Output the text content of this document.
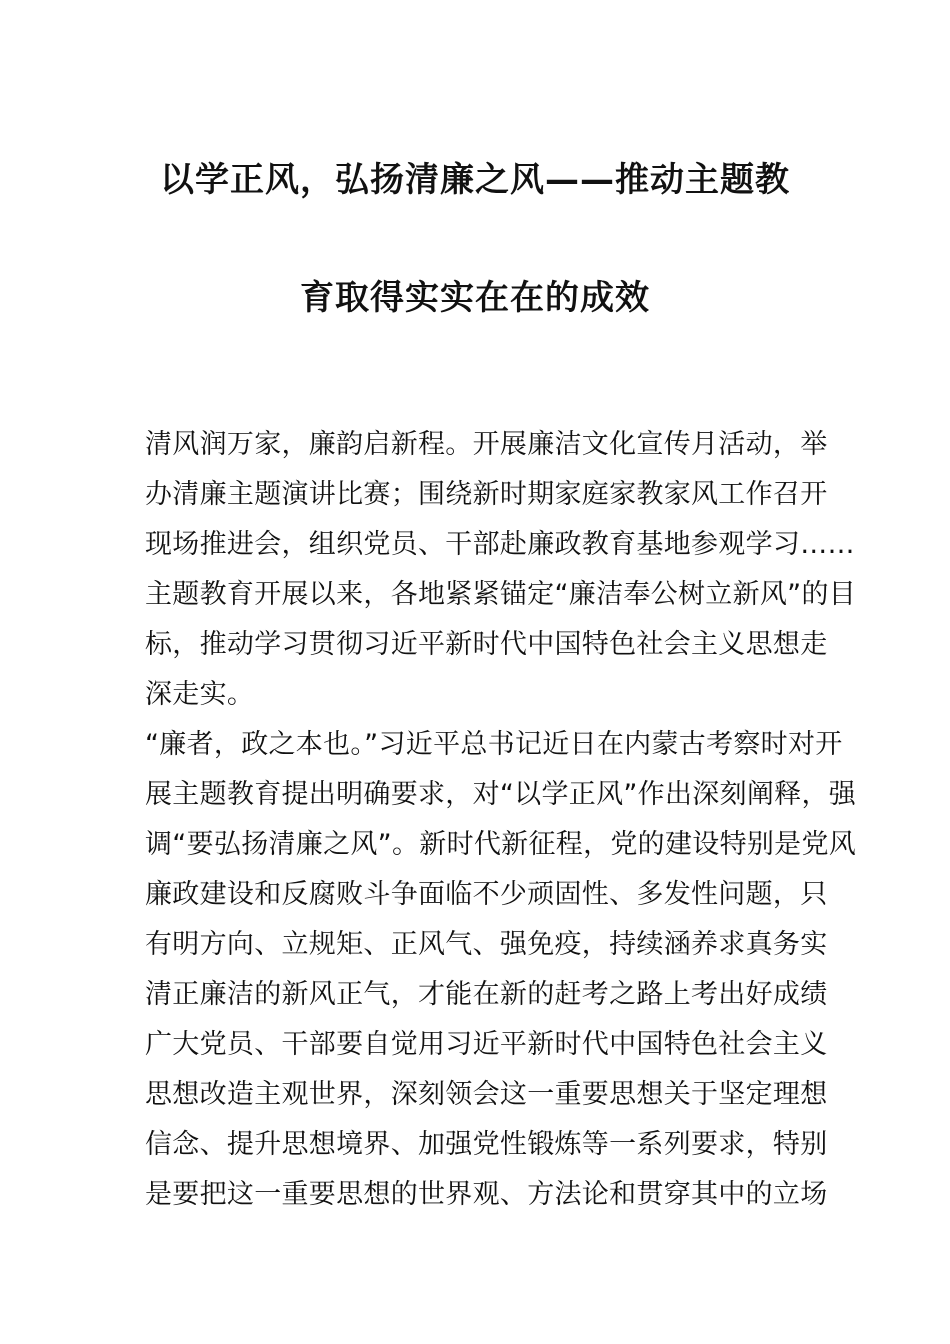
以学正风，弘扬清廉之风——推动主题教
育取得实实在在的成效
清风润万家，廉韵启新程。开展廉洁文化宣传月活动，举
办清廉主题演讲比赛；围绕新时期家庭家教家风工作召开
现场推进会，组织党员、干部赴廉政教育基地参观学习……
主题教育开展以来，各地紧紧锚定“廉洁奉公树立新风”的目
标，推动学习贯彻习近平新时代中国特色社会主义思想走
深走实。
“廉者，政之本也。”习近平总书记近日在内蒙古考察时对开
展主题教育提出明确要求，对“以学正风”作出深刻阐释，强
调“要弘扬清廉之风”。新时代新征程，党的建设特别是党风
廉政建设和反腐败斗争面临不少顽固性、多发性问题，只
有明方向、立规矩、正风气、强免疫，持续涵养求真务实
清正廉洁的新风正气，才能在新的赶考之路上考出好成绩
广大党员、干部要自觉用习近平新时代中国特色社会主义
思想改造主观世界，深刻领会这一重要思想关于坚定理想
信念、提升思想境界、加强党性锻炼等一系列要求，特别
是要把这一重要思想的世界观、方法论和贯穿其中的立场
